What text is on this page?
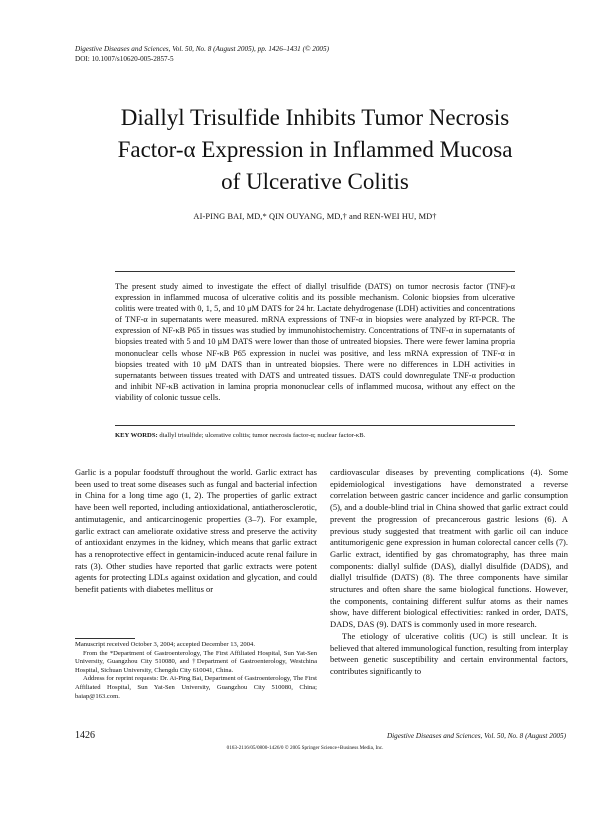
Digestive Diseases and Sciences, Vol. 50, No. 8 (August 2005), pp. 1426–1431 (© 2005)
DOI: 10.1007/s10620-005-2857-5
Diallyl Trisulfide Inhibits Tumor Necrosis
Factor-α Expression in Inflammed Mucosa
of Ulcerative Colitis
AI-PING BAI, MD,* QIN OUYANG, MD,† and REN-WEI HU, MD†
The present study aimed to investigate the effect of diallyl trisulfide (DATS) on tumor necrosis factor (TNF)-α expression in inflammed mucosa of ulcerative colitis and its possible mechanism. Colonic biopsies from ulcerative colitis were treated with 0, 1, 5, and 10 μM DATS for 24 hr. Lactate dehydrogenase (LDH) activities and concentrations of TNF-α in supernatants were measured. mRNA expressions of TNF-α in biopsies were analyzed by RT-PCR. The expression of NF-κB P65 in tissues was studied by immunohistochemistry. Concentrations of TNF-α in supernatants of biopsies treated with 5 and 10 μM DATS were lower than those of untreated biopsies. There were fewer lamina propria mononuclear cells whose NF-κB P65 expression in nuclei was positive, and less mRNA expression of TNF-α in biopsies treated with 10 μM DATS than in untreated biopsies. There were no differences in LDH activities in supernatants between tissues treated with DATS and untreated tissues. DATS could downregulate TNF-α production and inhibit NF-κB activation in lamina propria mononuclear cells of inflammed mucosa, without any effect on the viability of colonic tussue cells.
KEY WORDS: diallyl trisulfide; ulcerative colitis; tumor necrosis factor-α; nuclear factor-κB.

Garlic is a popular foodstuff throughout the world. Garlic extract has been used to treat some diseases such as fungal and bacterial infection in China for a long time ago (1, 2). The properties of garlic extract have been well reported, including antioxidational, antiatherosclerotic, antimutagenic, and anticarcinogenic properties (3–7). For example, garlic extract can ameliorate oxidative stress and preserve the activity of antioxidant enzymes in the kidney, which means that garlic extract has a renoprotective effect in gentamicin-induced acute renal failure in rats (3). Other studies have reported that garlic extracts were potent agents for protecting LDLs against oxidation and glycation, and could benefit patients with diabetes mellitus or

cardiovascular diseases by preventing complications (4). Some epidemiological investigations have demonstrated a reverse correlation between gastric cancer incidence and garlic consumption (5), and a double-blind trial in China showed that garlic extract could prevent the progression of precancerous gastric lesions (6). A previous study suggested that treatment with garlic oil can induce antitumorigenic gene expression in human colorectal cancer cells (7). Garlic extract, identified by gas chromatography, has three main components: diallyl sulfide (DAS), diallyl disulfide (DADS), and diallyl trisulfide (DATS) (8). The three components have similar structures and often share the same biological functions. However, the components, containing different sulfur atoms as their names show, have different biological effectivities: ranked in order, DATS, DADS, DAS (9). DATS is commonly used in more research.

The etiology of ulcerative colitis (UC) is still unclear. It is believed that altered immunological function, resulting from interplay between genetic susceptibility and certain environmental factors, contributes significantly to

Manuscript received October 3, 2004; accepted December 13, 2004.

From the *Department of Gastroenterology, The First Affiliated Hospital, Sun Yat-Sen University, Guangzhou City 510080, and †Department of Gastroenterology, Westchina Hospital, Sichuan University, Chengdu City 610041, China.

Address for reprint requests: Dr. Ai-Ping Bai, Department of Gastroenterology, The First Affiliated Hospital, Sun Yat-Sen University, Guangzhou City 510080, China; baiap@163.com.

1426	Digestive Diseases and Sciences, Vol. 50, No. 8 (August 2005)
0163-2116/05/0800-1426/0 © 2005 Springer Science+Business Media, Inc.
